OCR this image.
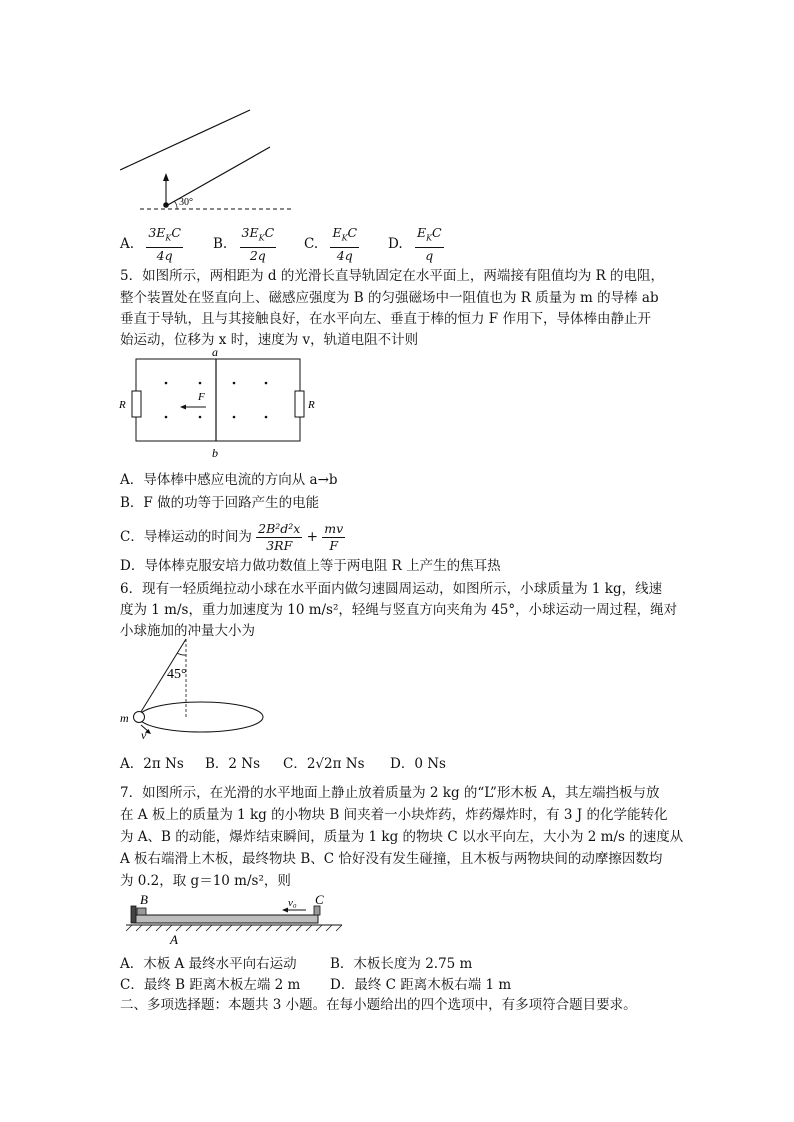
30°
A. $\frac{3E_KC}{4q} B$. $\frac{3E_KC}{2q} C$. $\frac{E_KC}{4q} D$. $\frac{E_KC}{q}$
5．如图所示，两相距为 d 的光滑长直导轨固定在水平面上，两端接有阻值均为 R 的电阻，
整个装置处在竖直向上、磁感应强度为 B 的匀强磁场中一阻值也为 R 质量为 m 的导棒 ab
垂直于导轨，且与其接触良好，在水平向左、垂直于棒的恒力 F 作用下，导体棒由静止开
始运动，位移为 x 时，速度为 v，轨道电阻不计则
a
b
R	R
F
A．导体棒中感应电流的方向从 a→b
B．F 做的功等于回路产生的电能
C．导棒运动的时间为 $\frac{\text{2B²d²x}}{3RF} + \frac{mv}{F}$
D．导体棒克服安培力做功数值上等于两电阻 R 上产生的焦耳热
6．现有一轻质绳拉动小球在水平面内做匀速圆周运动，如图所示，小球质量为 1 kg，线速
度为 1 m/s，重力加速度为 10 m/s²，轻绳与竖直方向夹角为 45°，小球运动一周过程，绳对
小球施加的冲量大小为
45°
m
v
A．2π Ns B．2 Ns C．2√2π Ns D．0 Ns
7．如图所示，在光滑的水平地面上静止放着质量为 2 kg 的“L”形木板 A，其左端挡板与放
在 A 板上的质量为 1 kg 的小物块 B 间夹着一小块炸药，炸药爆炸时，有 3 J 的化学能转化
为 A、B 的动能，爆炸结束瞬间，质量为 1 kg 的物块 C 以水平向左，大小为 2 m/s 的速度从
A 板右端滑上木板，最终物块 B、C 恰好没有发生碰撞，且木板与两物块间的动摩擦因数均
为 0.2，取 g＝10 m/s²，则
B	C
A
v₀
A．木板 A 最终水平向右运动 B．木板长度为 2.75 m
C．最终 B 距离木板左端 2 m D．最终 C 距离木板右端 1 m
二、多项选择题：本题共 3 小题。在每小题给出的四个选项中，有多项符合题目要求。
